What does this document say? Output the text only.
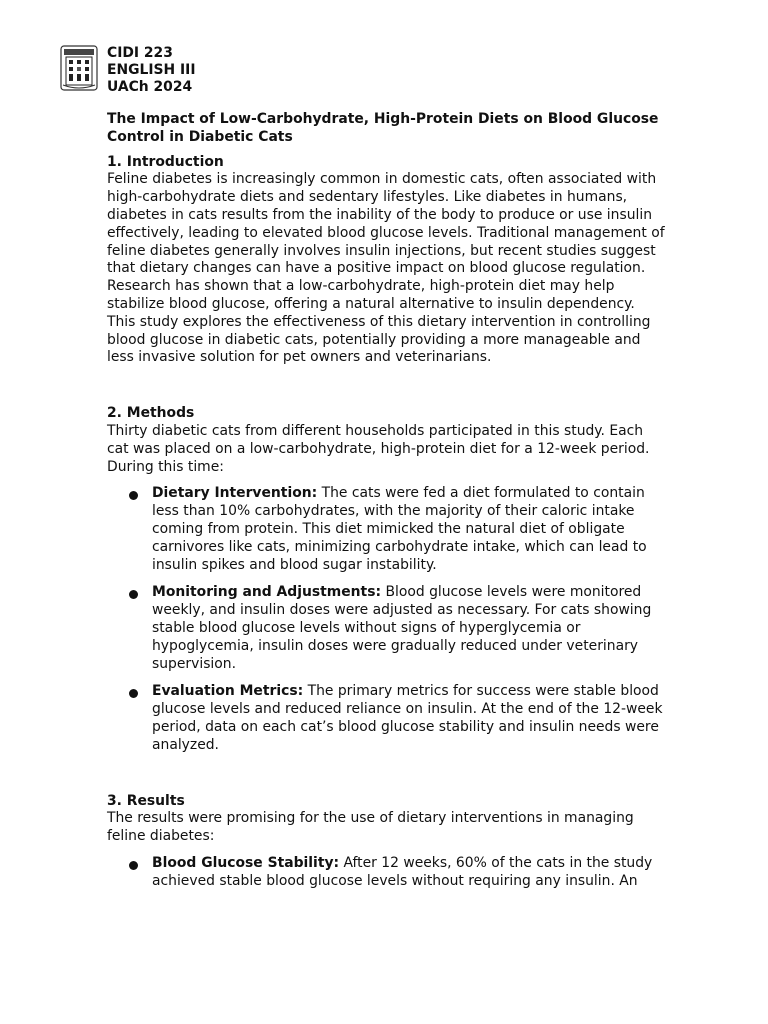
CIDI 223
ENGLISH III
UACh 2024
The Impact of Low-Carbohydrate, High-Protein Diets on Blood Glucose Control in Diabetic Cats
1. Introduction

Feline diabetes is increasingly common in domestic cats, often associated with high-carbohydrate diets and sedentary lifestyles. Like diabetes in humans, diabetes in cats results from the inability of the body to produce or use insulin effectively, leading to elevated blood glucose levels. Traditional management of feline diabetes generally involves insulin injections, but recent studies suggest that dietary changes can have a positive impact on blood glucose regulation. Research has shown that a low-carbohydrate, high-protein diet may help stabilize blood glucose, offering a natural alternative to insulin dependency. This study explores the effectiveness of this dietary intervention in controlling blood glucose in diabetic cats, potentially providing a more manageable and less invasive solution for pet owners and veterinarians.

2. Methods

Thirty diabetic cats from different households participated in this study. Each cat was placed on a low-carbohydrate, high-protein diet for a 12-week period. During this time:

Dietary Intervention: The cats were fed a diet formulated to contain less than 10% carbohydrates, with the majority of their caloric intake coming from protein. This diet mimicked the natural diet of obligate carnivores like cats, minimizing carbohydrate intake, which can lead to insulin spikes and blood sugar instability.
Monitoring and Adjustments: Blood glucose levels were monitored weekly, and insulin doses were adjusted as necessary. For cats showing stable blood glucose levels without signs of hyperglycemia or hypoglycemia, insulin doses were gradually reduced under veterinary supervision.
Evaluation Metrics: The primary metrics for success were stable blood glucose levels and reduced reliance on insulin. At the end of the 12-week period, data on each cat’s blood glucose stability and insulin needs were analyzed.
3. Results

The results were promising for the use of dietary interventions in managing feline diabetes:

Blood Glucose Stability: After 12 weeks, 60% of the cats in the study achieved stable blood glucose levels without requiring any insulin. An
